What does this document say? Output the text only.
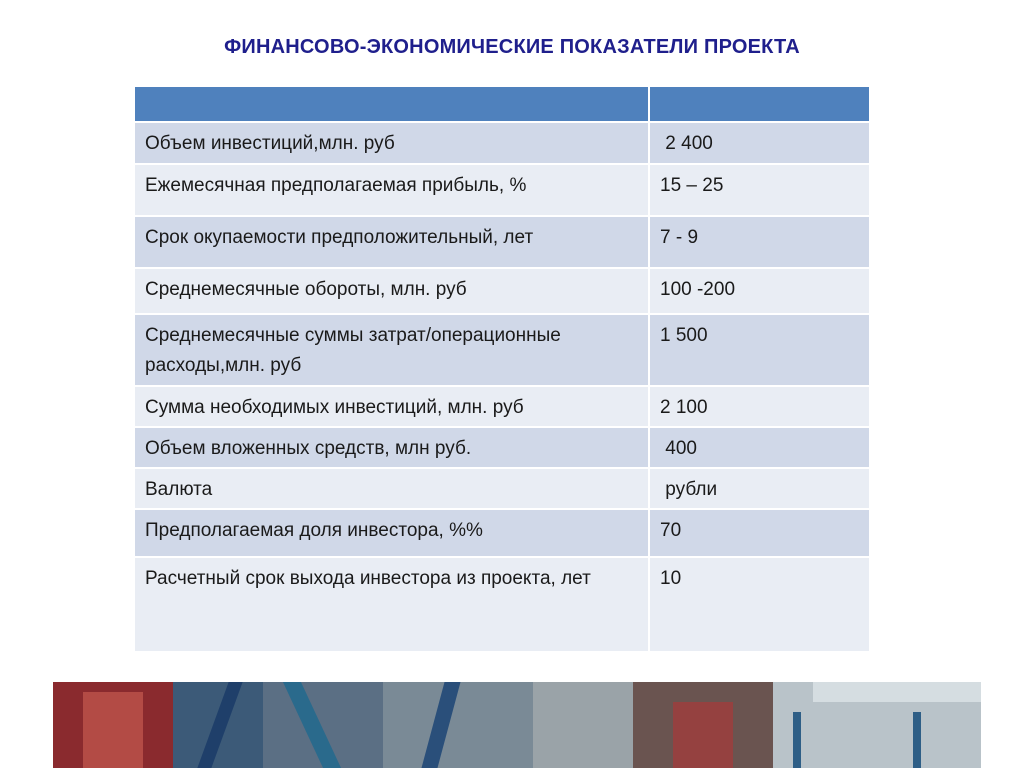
ФИНАНСОВО-ЭКОНОМИЧЕСКИЕ ПОКАЗАТЕЛИ ПРОЕКТА

Объем инвестиций,млн. руб	2 400
Ежемесячная предполагаемая прибыль, %	15 – 25
Срок окупаемости предположительный, лет	7 - 9
Среднемесячные обороты, млн. руб	100 -200
Среднемесячные суммы затрат/операционные расходы,млн. руб	1 500
Сумма необходимых инвестиций, млн. руб	2 100
Объем вложенных средств, млн руб.	400
Валюта	рубли
Предполагаемая доля инвестора, %%	70
Расчетный срок выхода инвестора из проекта, лет	10
